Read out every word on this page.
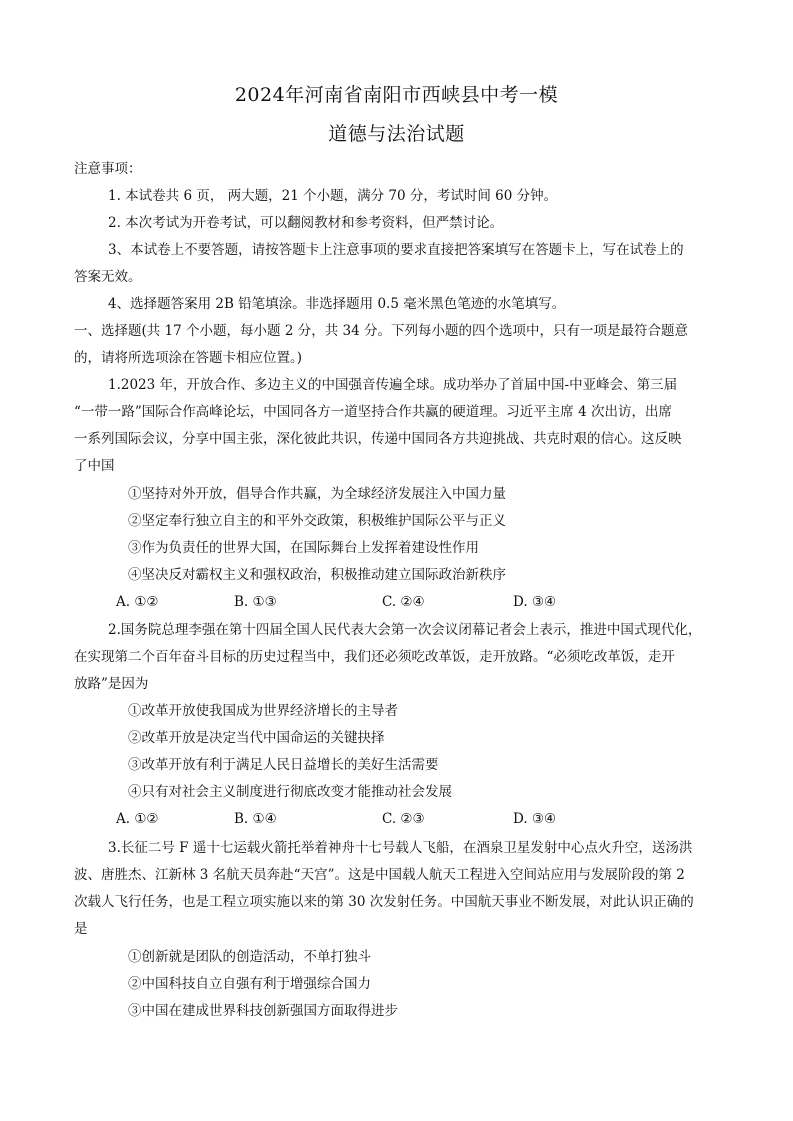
2024年河南省南阳市西峡县中考一模
道德与法治试题
注意事项：
1. 本试卷共 6 页， 两大题，21 个小题，满分 70 分，考试时间 60 分钟。
2. 本次考试为开卷考试，可以翻阅教材和参考资料，但严禁讨论。
3、本试卷上不要答题，请按答题卡上注意事项的要求直接把答案填写在答题卡上，写在试卷上的
答案无效。
4、选择题答案用 2B 铅笔填涂。非选择题用 0.5 毫米黑色笔迹的水笔填写。
一、选择题(共 17 个小题，每小题 2 分，共 34 分。下列每小题的四个选项中，只有一项是最符合题意
的，请将所选项涂在答题卡相应位置。)
1.2023 年，开放合作、多边主义的中国强音传遍全球。成功举办了首届中国-中亚峰会、第三届
“一带一路”国际合作高峰论坛，中国同各方一道坚持合作共赢的硬道理。习近平主席 4 次出访，出席
一系列国际会议，分享中国主张，深化彼此共识，传递中国同各方共迎挑战、共克时艰的信心。这反映
了中国
①坚持对外开放，倡导合作共赢，为全球经济发展注入中国力量
②坚定奉行独立自主的和平外交政策，积极维护国际公平与正义
③作为负责任的世界大国，在国际舞台上发挥着建设性作用
④坚决反对霸权主义和强权政治，积极推动建立国际政治新秩序
A. ①②	B. ①③	C. ②④	D. ③④
2.国务院总理李强在第十四届全国人民代表大会第一次会议闭幕记者会上表示，推进中国式现代化，
在实现第二个百年奋斗目标的历史过程当中，我们还必须吃改革饭，走开放路。“必须吃改革饭，走开
放路”是因为
①改革开放使我国成为世界经济增长的主导者
②改革开放是决定当代中国命运的关键抉择
③改革开放有利于满足人民日益增长的美好生活需要
④只有对社会主义制度进行彻底改变才能推动社会发展
A. ①②	B. ①④	C. ②③	D. ③④
3.长征二号 F 遥十七运载火箭托举着神舟十七号载人飞船，在酒泉卫星发射中心点火升空，送汤洪
波、唐胜杰、江新林 3 名航天员奔赴“天宫”。这是中国载人航天工程进入空间站应用与发展阶段的第 2
次载人飞行任务，也是工程立项实施以来的第 30 次发射任务。中国航天事业不断发展，对此认识正确的
是
①创新就是团队的创造活动，不单打独斗
②中国科技自立自强有利于增强综合国力
③中国在建成世界科技创新强国方面取得进步
